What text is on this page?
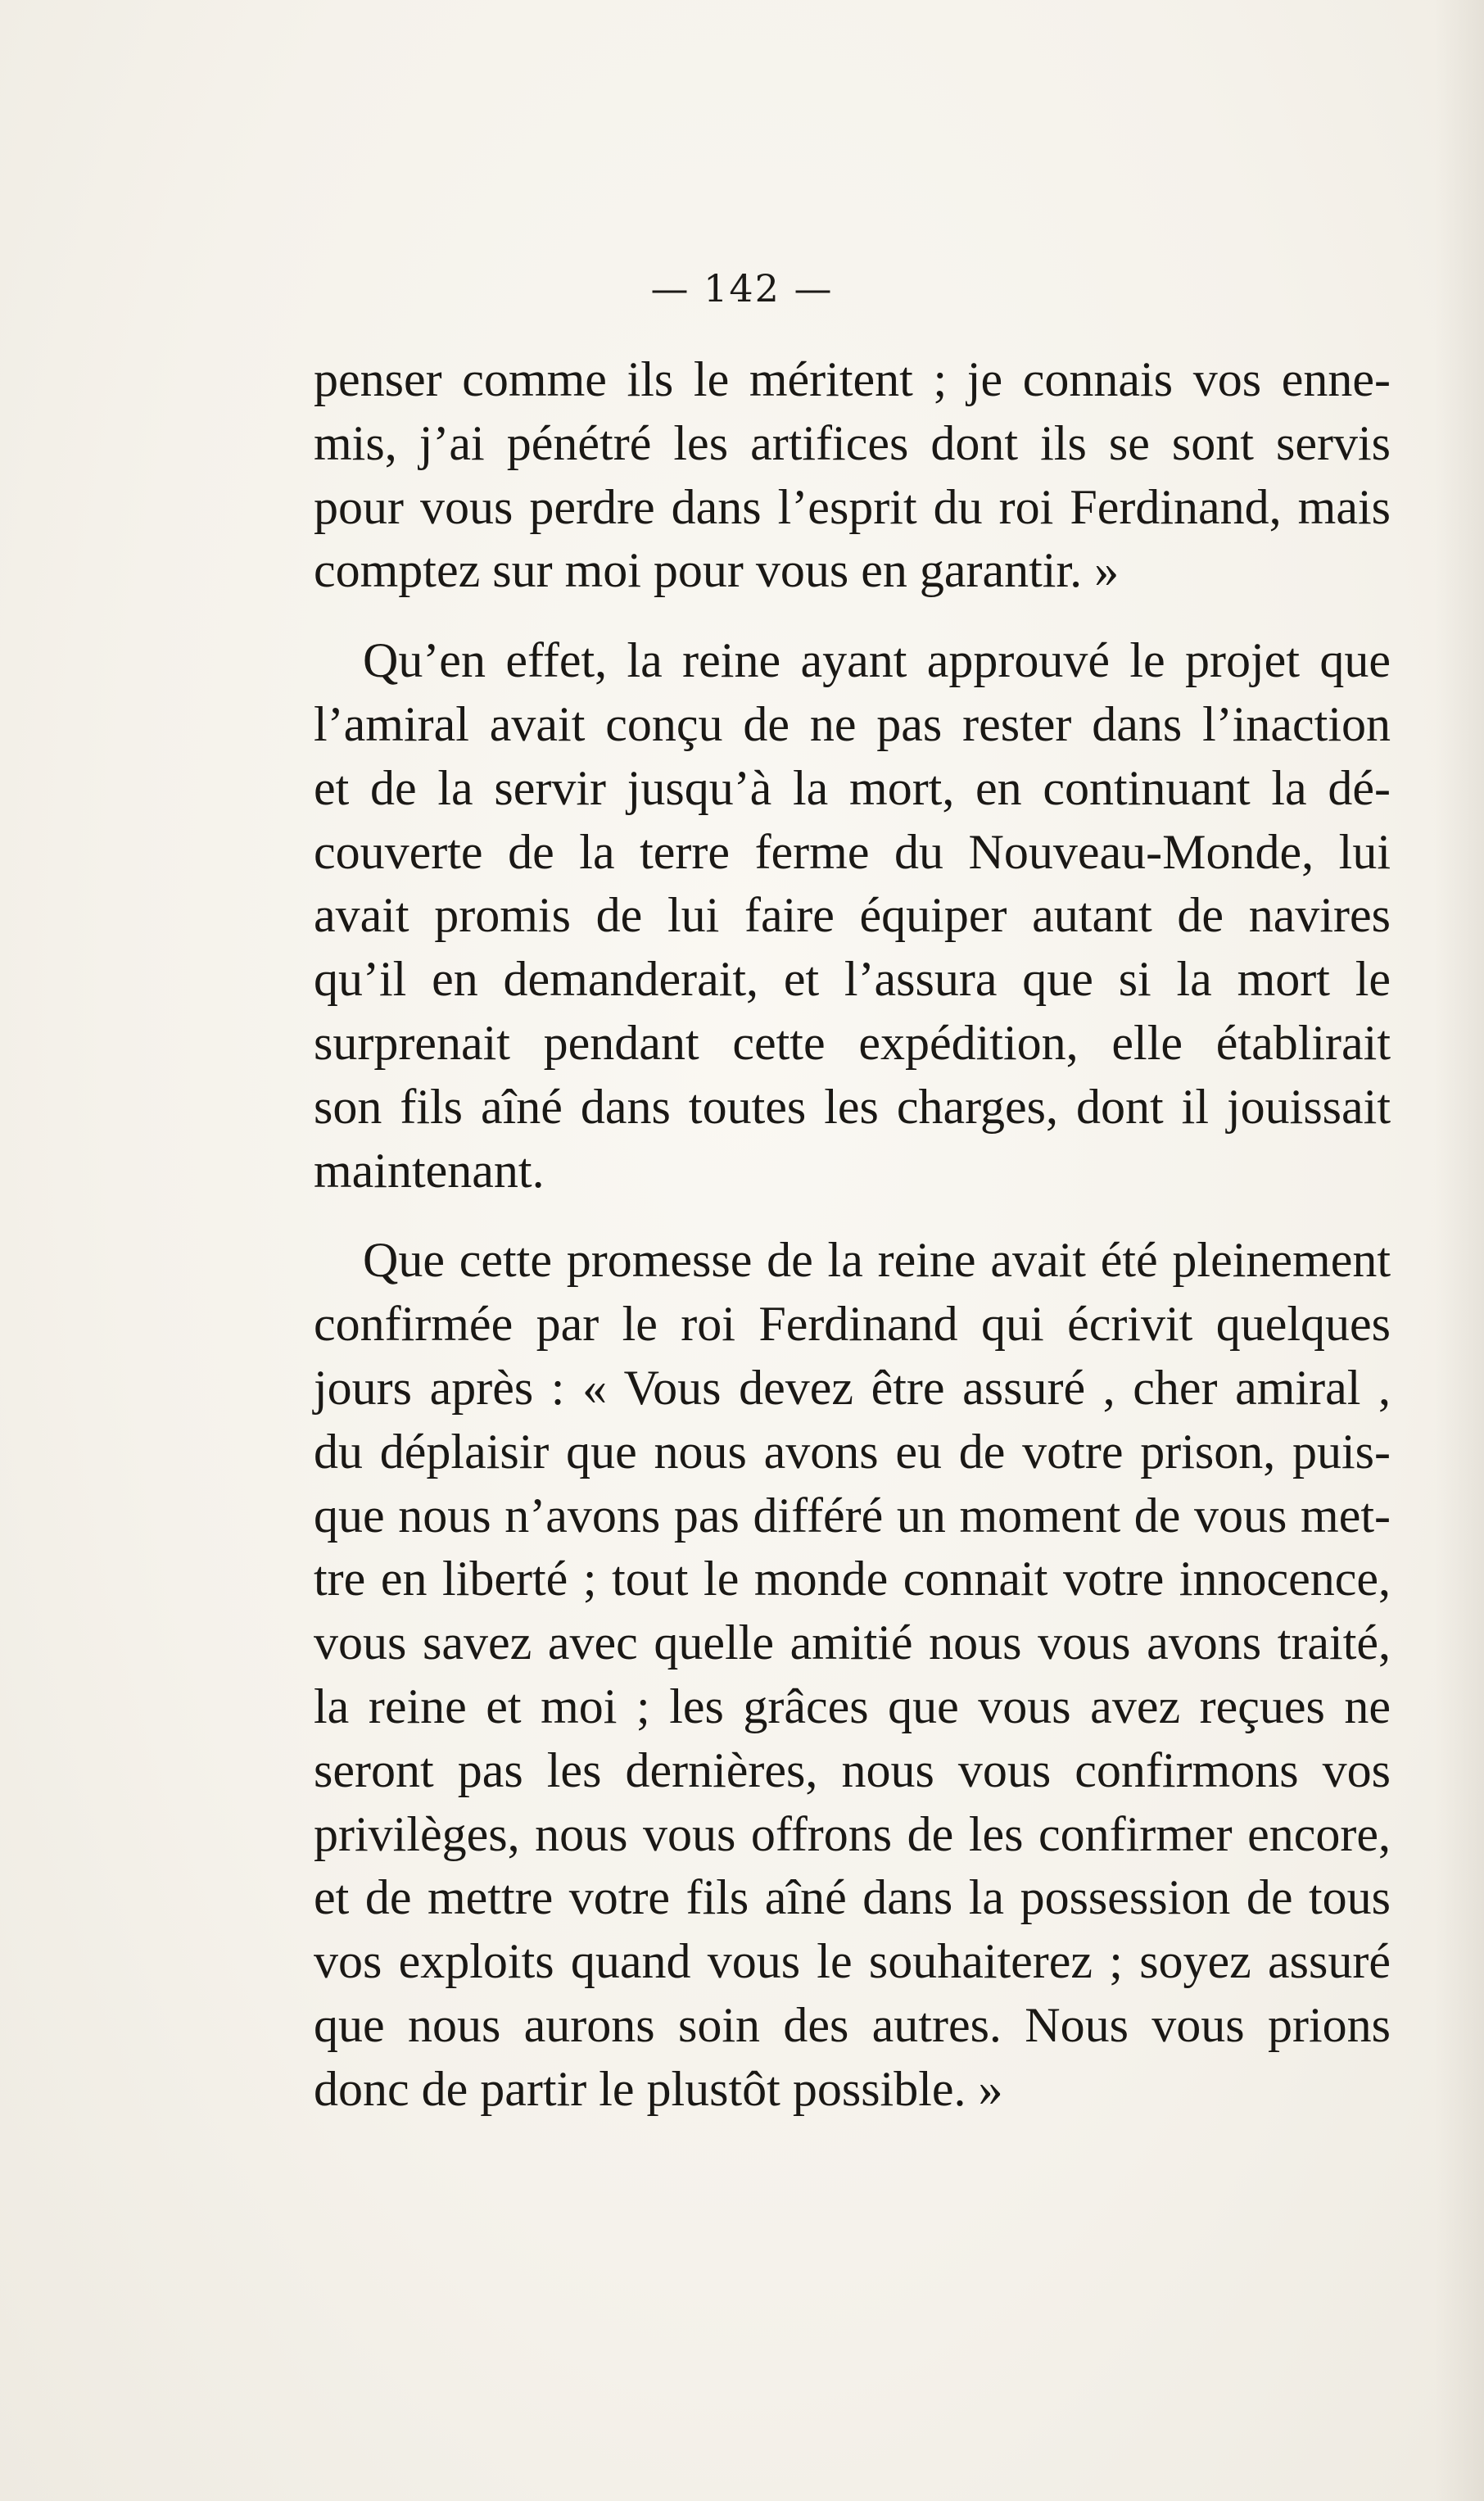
— 142 —
penser comme ils le méritent ; je connais vos enne-
mis, j’ai pénétré les artifices dont ils se sont servis
pour vous perdre dans l’esprit du roi Ferdinand, mais
comptez sur moi pour vous en garantir. »
Qu’en effet, la reine ayant approuvé le projet que
l’amiral avait conçu de ne pas rester dans l’inaction
et de la servir jusqu’à la mort, en continuant la dé-
couverte de la terre ferme du Nouveau-Monde, lui
avait promis de lui faire équiper autant de navires
qu’il en demanderait, et l’assura que si la mort le
surprenait pendant cette expédition, elle établirait
son fils aîné dans toutes les charges, dont il jouissait
maintenant.
Que cette promesse de la reine avait été pleinement
confirmée par le roi Ferdinand qui écrivit quelques
jours après : « Vous devez être assuré , cher amiral ,
du déplaisir que nous avons eu de votre prison, puis-
que nous n’avons pas différé un moment de vous met-
tre en liberté ; tout le monde connait votre innocence,
vous savez avec quelle amitié nous vous avons traité,
la reine et moi ; les grâces que vous avez reçues ne
seront pas les dernières, nous vous confirmons vos
privilèges, nous vous offrons de les confirmer encore,
et de mettre votre fils aîné dans la possession de tous
vos exploits quand vous le souhaiterez ; soyez assuré
que nous aurons soin des autres. Nous vous prions
donc de partir le plustôt possible. »
